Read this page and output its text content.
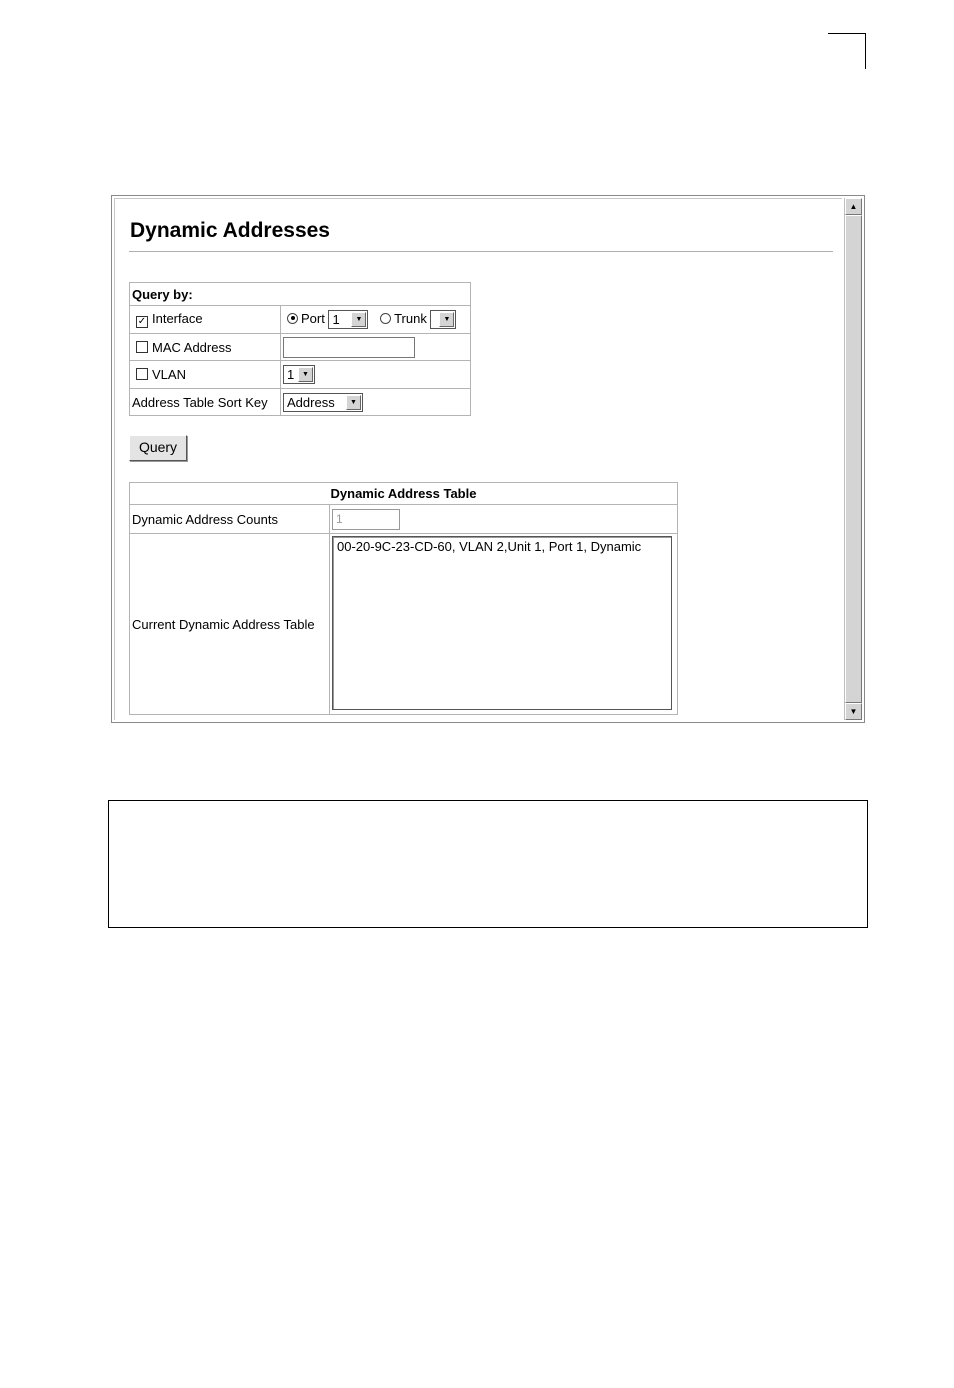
Dynamic Addresses
Query by:	
✓ Interface	Port 1 ▼ Trunk ▼

MAC Address	
VLAN	1 ▼

Address Table Sort Key	Address ▼
Query
Dynamic Address Table	
Dynamic Address Counts	1
Current Dynamic Address Table	00-20-9C-23-CD-60, VLAN 2,Unit 1, Port 1, Dynamic
▲
▼
